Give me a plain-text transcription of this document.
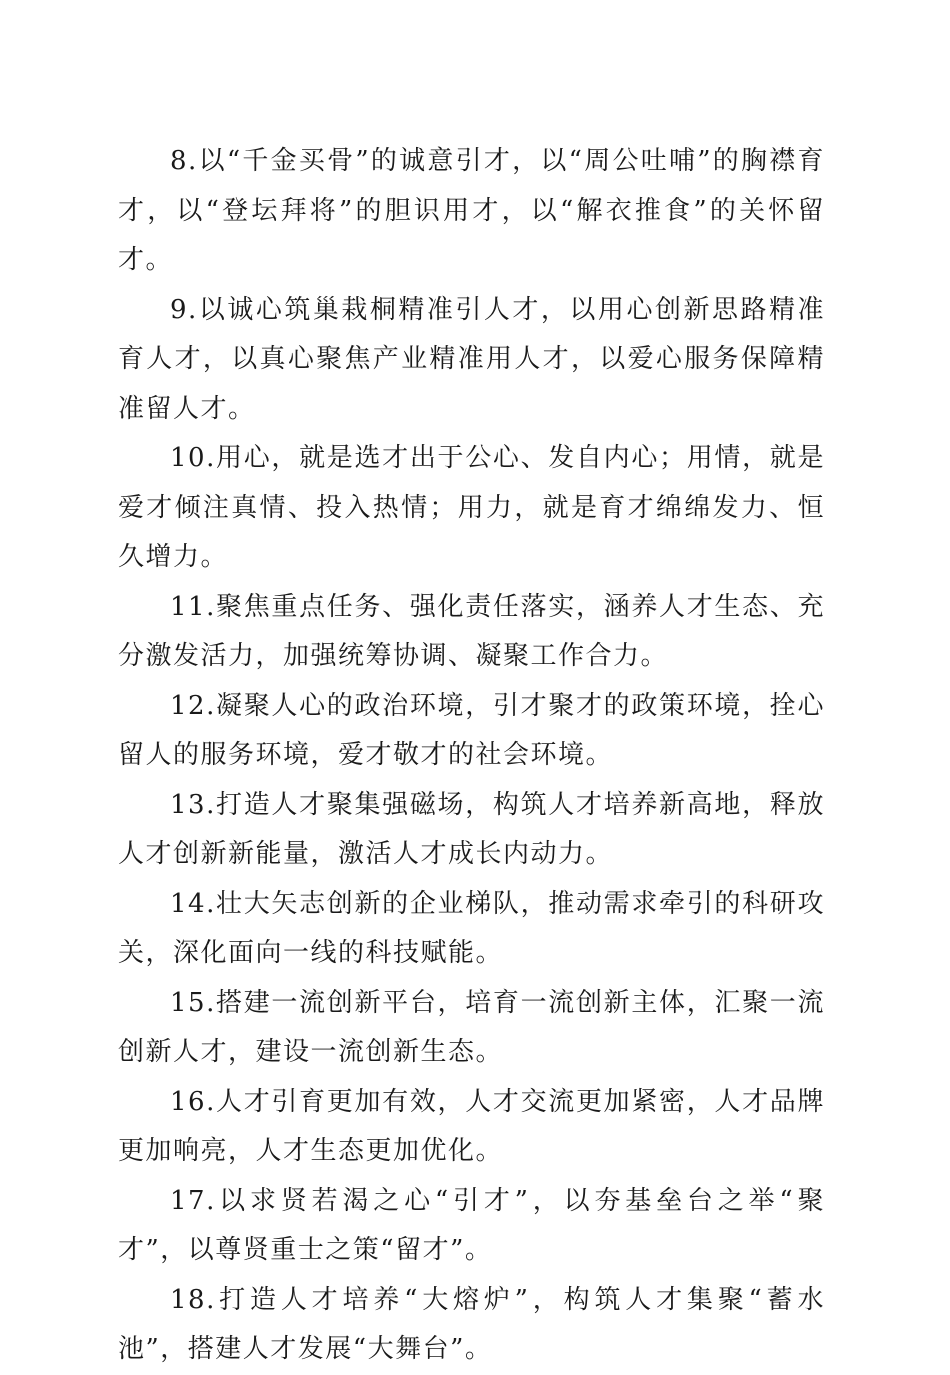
8.以“千金买骨”的诚意引才，以“周公吐哺”的胸襟育才，以“登坛拜将”的胆识用才，以“解衣推食”的关怀留才。

9.以诚心筑巢栽桐精准引人才，以用心创新思路精准育人才，以真心聚焦产业精准用人才，以爱心服务保障精准留人才。

10.用心，就是选才出于公心、发自内心；用情，就是爱才倾注真情、投入热情；用力，就是育才绵绵发力、恒久增力。

11.聚焦重点任务、强化责任落实，涵养人才生态、充分激发活力，加强统筹协调、凝聚工作合力。

12.凝聚人心的政治环境，引才聚才的政策环境，拴心留人的服务环境，爱才敬才的社会环境。

13.打造人才聚集强磁场，构筑人才培养新高地，释放人才创新新能量，激活人才成长内动力。

14.壮大矢志创新的企业梯队，推动需求牵引的科研攻关，深化面向一线的科技赋能。

15.搭建一流创新平台，培育一流创新主体，汇聚一流创新人才，建设一流创新生态。

16.人才引育更加有效，人才交流更加紧密，人才品牌更加响亮，人才生态更加优化。

17.以求贤若渴之心“引才”，以夯基垒台之举“聚才”，以尊贤重士之策“留才”。

18.打造人才培养“大熔炉”，构筑人才集聚“蓄水池”，搭建人才发展“大舞台”。
